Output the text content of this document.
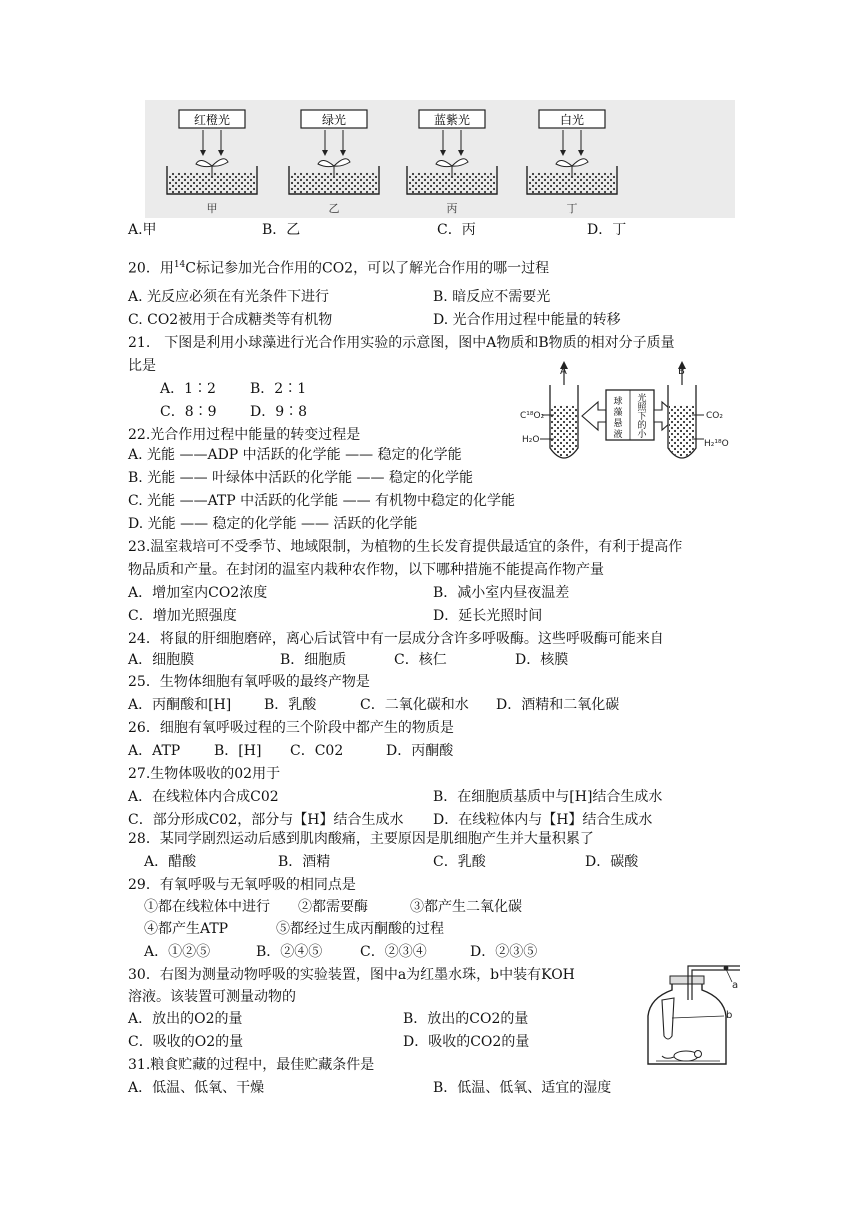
红橙光
甲
绿光
乙
蓝紫光
丙
白光
丁
A.甲	B．乙	C．丙	D．丁
20．用$^{14}$C标记参加光合作用的CO2，可以了解光合作用的哪一过程
A. 光反应必须在有光条件下进行	B. 暗反应不需要光
C. CO2被用于合成糖类等有机物	D. 光合作用过程中能量的转移
21.　下图是利用小球藻进行光合作用实验的示意图，图中A物质和B物质的相对分子质量
比是
A．1∶2 B．2∶1
C．8∶9 D．9∶8
A
C¹⁸O₂
H₂O
球
藻
悬
液
光
照
下
的
小
B
CO₂
H₂¹⁸O
22.光合作用过程中能量的转变过程是
A. 光能 ——ADP 中活跃的化学能 —— 稳定的化学能
B. 光能 —— 叶绿体中活跃的化学能 —— 稳定的化学能
C. 光能 ——ATP 中活跃的化学能 —— 有机物中稳定的化学能
D. 光能 —— 稳定的化学能 —— 活跃的化学能
23.温室栽培可不受季节、地域限制，为植物的生长发育提供最适宜的条件，有利于提高作
物品质和产量。在封闭的温室内栽种农作物，以下哪种措施不能提高作物产量
A．增加室内CO2浓度	B．减小室内昼夜温差
C．增加光照强度	D．延长光照时间
24．将鼠的肝细胞磨碎，离心后试管中有一层成分含许多呼吸酶。这些呼吸酶可能来自
A．细胞膜	B．细胞质	C．核仁	D．核膜
25．生物体细胞有氧呼吸的最终产物是
A．丙酮酸和[H] B．乳酸	C．二氧化碳和水 D．酒精和二氧化碳
26．细胞有氧呼吸过程的三个阶段中都产生的物质是
A．ATP B．[H] C．C02	D．丙酮酸
27.生物体吸收的02用于
A．在线粒体内合成C02	B．在细胞质基质中与[H]结合生成水
C．部分形成C02，部分与【H】结合生成水 D．在线粒体内与【H】结合生成水
28．某同学剧烈运动后感到肌肉酸痛，主要原因是肌细胞产生并大量积累了
A．醋酸	B．酒精	C．乳酸	D．碳酸
29．有氧呼吸与无氧呼吸的相同点是
①都在线粒体中进行 ②都需要酶	③都产生二氧化碳
④都产生ATP	⑤都经过生成丙酮酸的过程
A．①②⑤	B．②④⑤	C．②③④	D．②③⑤
30．右图为测量动物呼吸的实验装置，图中a为红墨水珠，b中装有KOH
溶液。该装置可测量动物的
A．放出的O2的量	B．放出的CO2的量
C．吸收的O2的量	D．吸收的CO2的量
a
b
31.粮食贮藏的过程中，最佳贮藏条件是
A．低温、低氧、干燥	B．低温、低氧、适宜的湿度
